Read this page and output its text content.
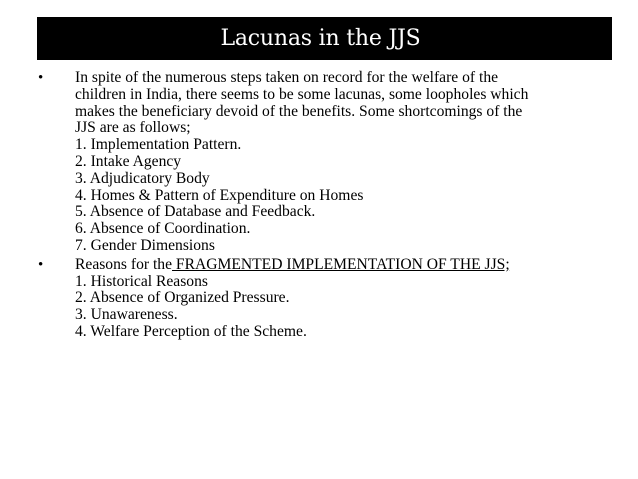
Lacunas in the JJS
• In spite of the numerous steps taken on record for the welfare of the
children in India, there seems to be some lacunas, some loopholes which
makes the beneficiary devoid of the benefits. Some shortcomings of the
JJS are as follows;
1. Implementation Pattern.
2. Intake Agency
3. Adjudicatory Body
4. Homes & Pattern of Expenditure on Homes
5. Absence of Database and Feedback.
6. Absence of Coordination.
7. Gender Dimensions
• Reasons for the FRAGMENTED IMPLEMENTATION OF THE JJS;
1. Historical Reasons
2. Absence of Organized Pressure.
3. Unawareness.
4. Welfare Perception of the Scheme.
